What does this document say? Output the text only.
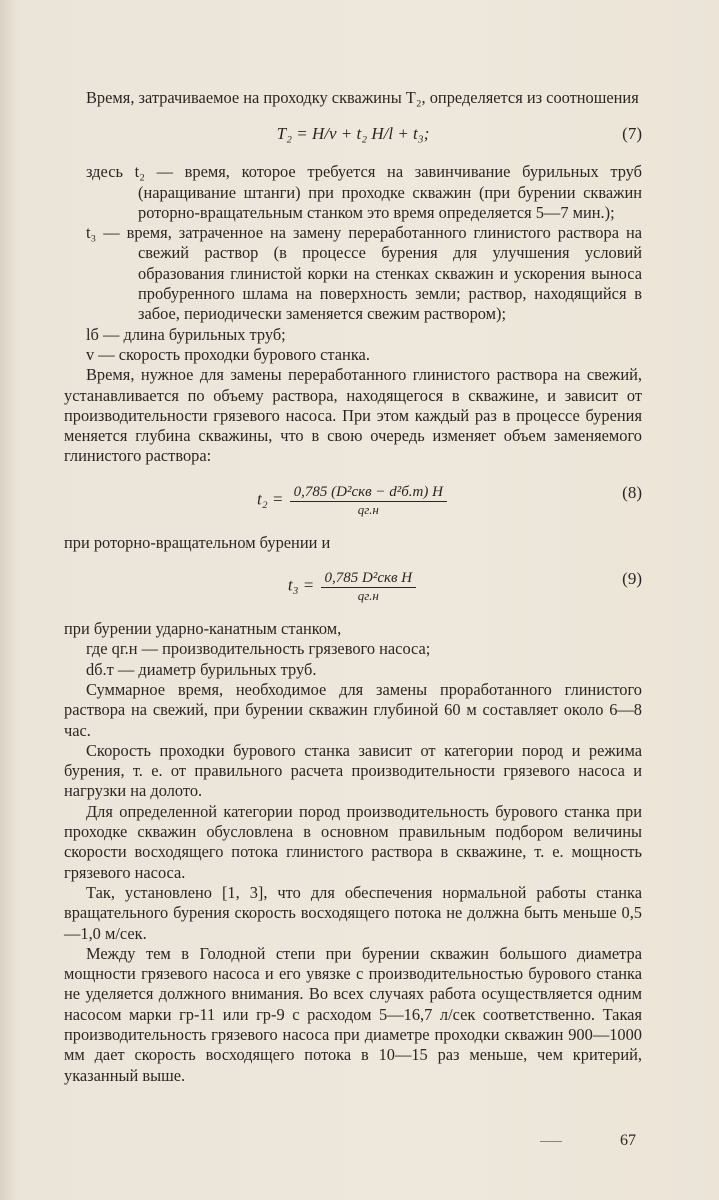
Время, затрачиваемое на проходку скважины T₂, определяется из соотношения

T₂ = H/v + t₂ H/l + t₃;	(7)

здесь t₂ — время, которое требуется на завинчивание бурильных труб (наращивание штанги) при проходке скважин (при бурении скважин роторно-вращательным станком это время определяется 5—7 мин.);

t₃ — время, затраченное на замену переработанного глинистого раствора на свежий раствор (в процессе бурения для улучшения условий образования глинистой корки на стенках скважин и ускорения выноса пробуренного шлама на поверхность земли; раствор, находящийся в забое, периодически заменяется свежим раствором);

lб — длина бурильных труб;

v — скорость проходки бурового станка.

Время, нужное для замены переработанного глинистого раствора на свежий, устанавливается по объему раствора, находящегося в скважине, и зависит от производительности грязевого насоса. При этом каждый раз в процессе бурения меняется глубина скважины, что в свою очередь изменяет объем заменяемого глинистого раствора:

$t_2 = \frac{\text{0,785 (D²скв − d²б.т) H}}{qг.н}$	(8)

при роторно-вращательном бурении и

$t_3 = \frac{\text{0,785 D²скв H}}{qг.н}$	(9)

при бурении ударно-канатным станком,

где qг.н — производительность грязевого насоса;

dб.т — диаметр бурильных труб.

Суммарное время, необходимое для замены проработанного глинистого раствора на свежий, при бурении скважин глубиной 60 м составляет около 6—8 час.

Скорость проходки бурового станка зависит от категории пород и режима бурения, т. е. от правильного расчета производительности грязевого насоса и нагрузки на долото.

Для определенной категории пород производительность бурового станка при проходке скважин обусловлена в основном правильным подбором величины скорости восходящего потока глинистого раствора в скважине, т. е. мощность грязевого насоса.

Так, установлено [1, 3], что для обеспечения нормальной работы станка вращательного бурения скорость восходящего потока не должна быть меньше 0,5—1,0 м/сек.

Между тем в Голодной степи при бурении скважин большого диаметра мощности грязевого насоса и его увязке с производительностью бурового станка не уделяется должного внимания. Во всех случаях работа осуществляется одним насосом марки гр-11 или гр-9 с расходом 5—16,7 л/сек соответственно. Такая производительность грязевого насоса при диаметре проходки скважин 900—1000 мм дает скорость восходящего потока в 10—15 раз меньше, чем критерий, указанный выше.

67
